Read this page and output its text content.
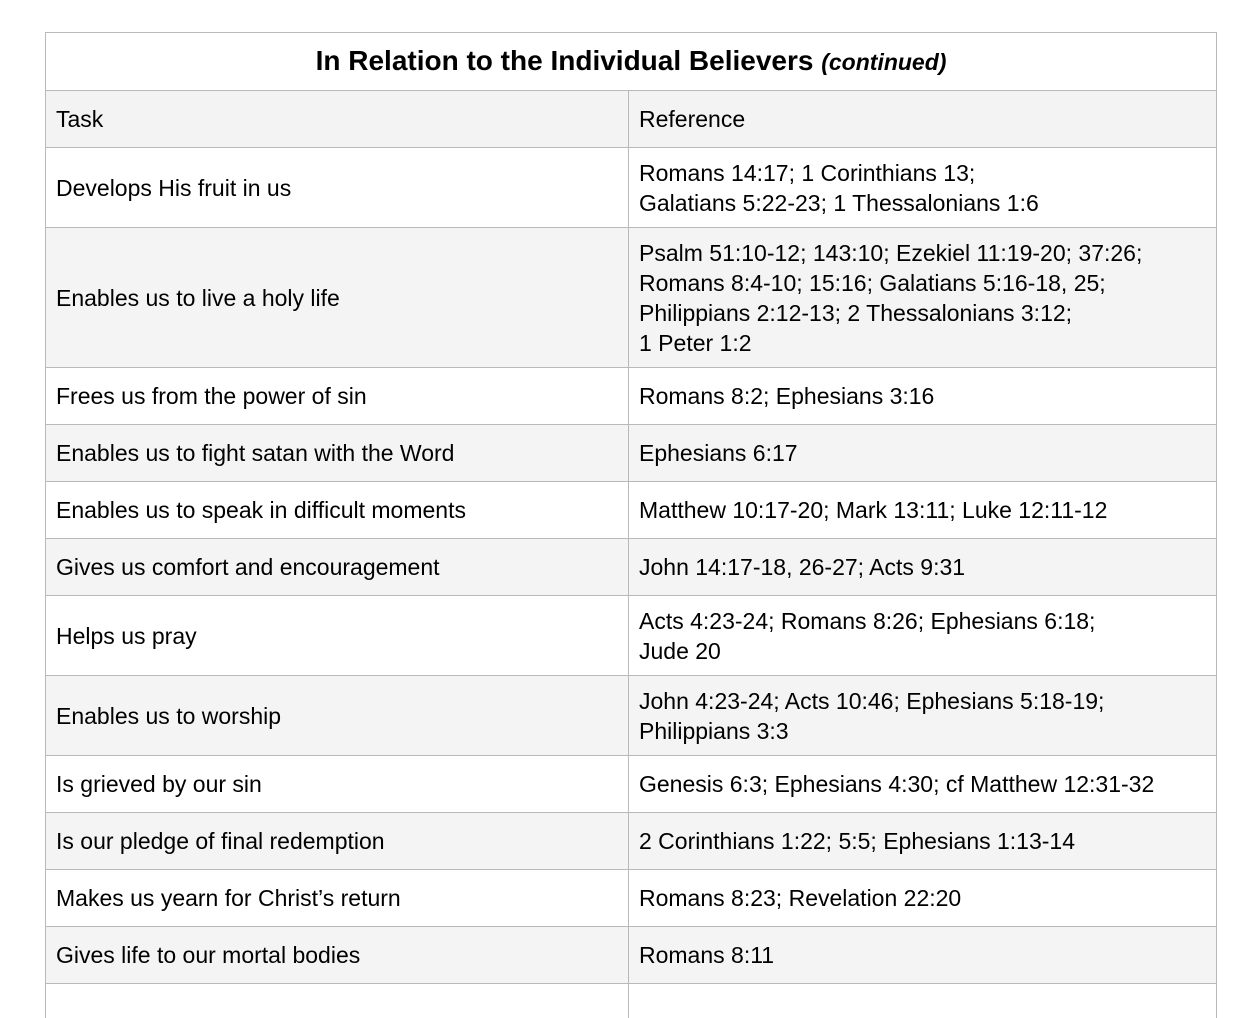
In Relation to the Individual Believers (continued)	
Task	Reference
Develops His fruit in us	Romans 14:17; 1 Corinthians 13;
Galatians 5:22-23; 1 Thessalonians 1:6

Enables us to live a holy life	Psalm 51:10-12; 143:10; Ezekiel 11:19-20; 37:26;
Romans 8:4-10; 15:16; Galatians 5:16-18, 25;
Philippians 2:12-13; 2 Thessalonians 3:12;
1 Peter 1:2

Frees us from the power of sin	Romans 8:2; Ephesians 3:16

Enables us to fight satan with the Word	Ephesians 6:17

Enables us to speak in difficult moments	Matthew 10:17-20; Mark 13:11; Luke 12:11-12

Gives us comfort and encouragement	John 14:17-18, 26-27; Acts 9:31

Helps us pray	Acts 4:23-24; Romans 8:26; Ephesians 6:18;
Jude 20

Enables us to worship	John 4:23-24; Acts 10:46; Ephesians 5:18-19;
Philippians 3:3

Is grieved by our sin	Genesis 6:3; Ephesians 4:30; cf Matthew 12:31-32

Is our pledge of final redemption	2 Corinthians 1:22; 5:5; Ephesians 1:13-14

Makes us yearn for Christ’s return	Romans 8:23; Revelation 22:20

Gives life to our mortal bodies	Romans 8:11
